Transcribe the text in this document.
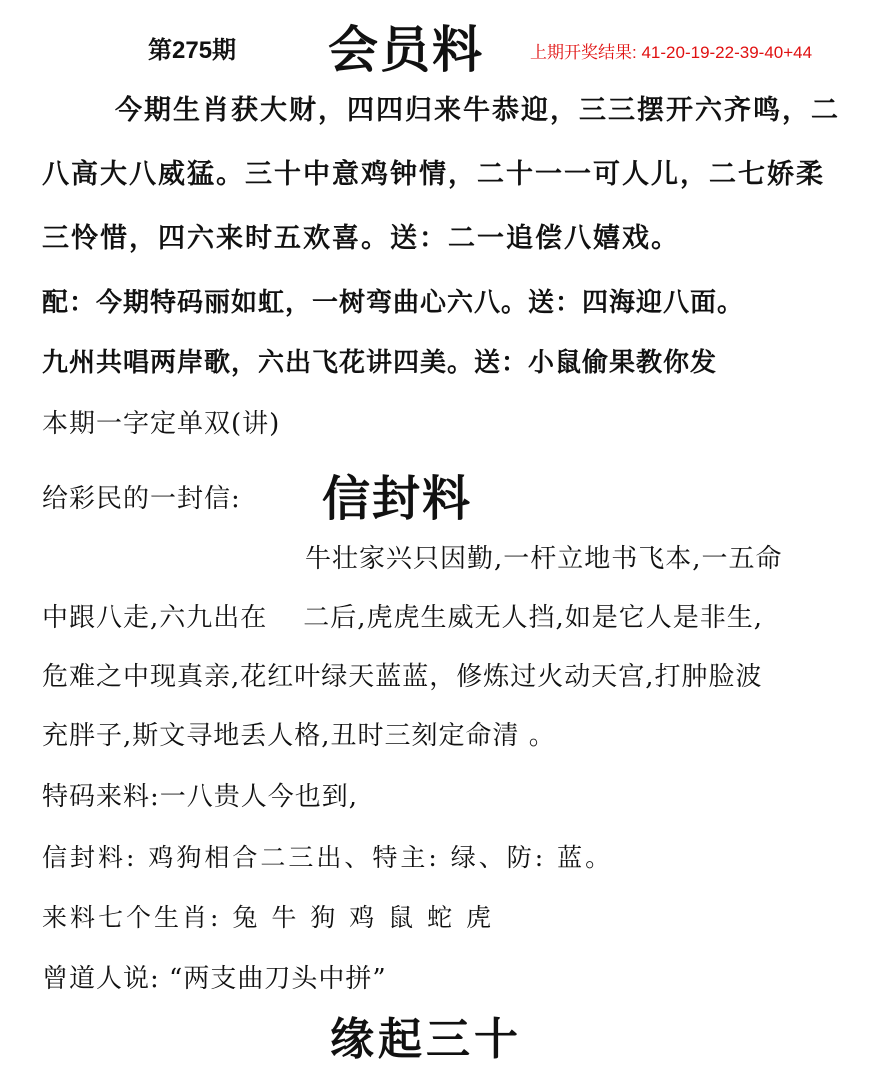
第275期 会员料	上期开奖结果: 41-20-19-22-39-40+44
今期生肖获大财，四四归来牛恭迎，三三摆开六齐鸣，二
八高大八威猛。三十中意鸡钟情，二十一一可人儿，二七娇柔
三怜惜，四六来时五欢喜。送：二一追偿八嬉戏。
配：今期特码丽如虹，一树弯曲心六八。送：四海迎八面。
九州共唱两岸歌，六出飞花讲四美。送：小鼠偷果教你发
本期一字定单双(讲)
给彩民的一封信: 信封料
牛壮家兴只因勤,一杆立地书飞本,一五命
中跟八走,六九出在 二后,虎虎生威无人挡,如是它人是非生,
危难之中现真亲,花红叶绿天蓝蓝，修炼过火动天宫,打肿脸波
充胖子,斯文寻地丢人格,丑时三刻定命清 。
特码来料:一八贵人今也到,
信封料: 鸡狗相合二三出、特主: 绿、防: 蓝。
来料七个生肖: 兔 牛 狗 鸡 鼠 蛇 虎
曾道人说: “两支曲刀头中拼”
缘起三十
